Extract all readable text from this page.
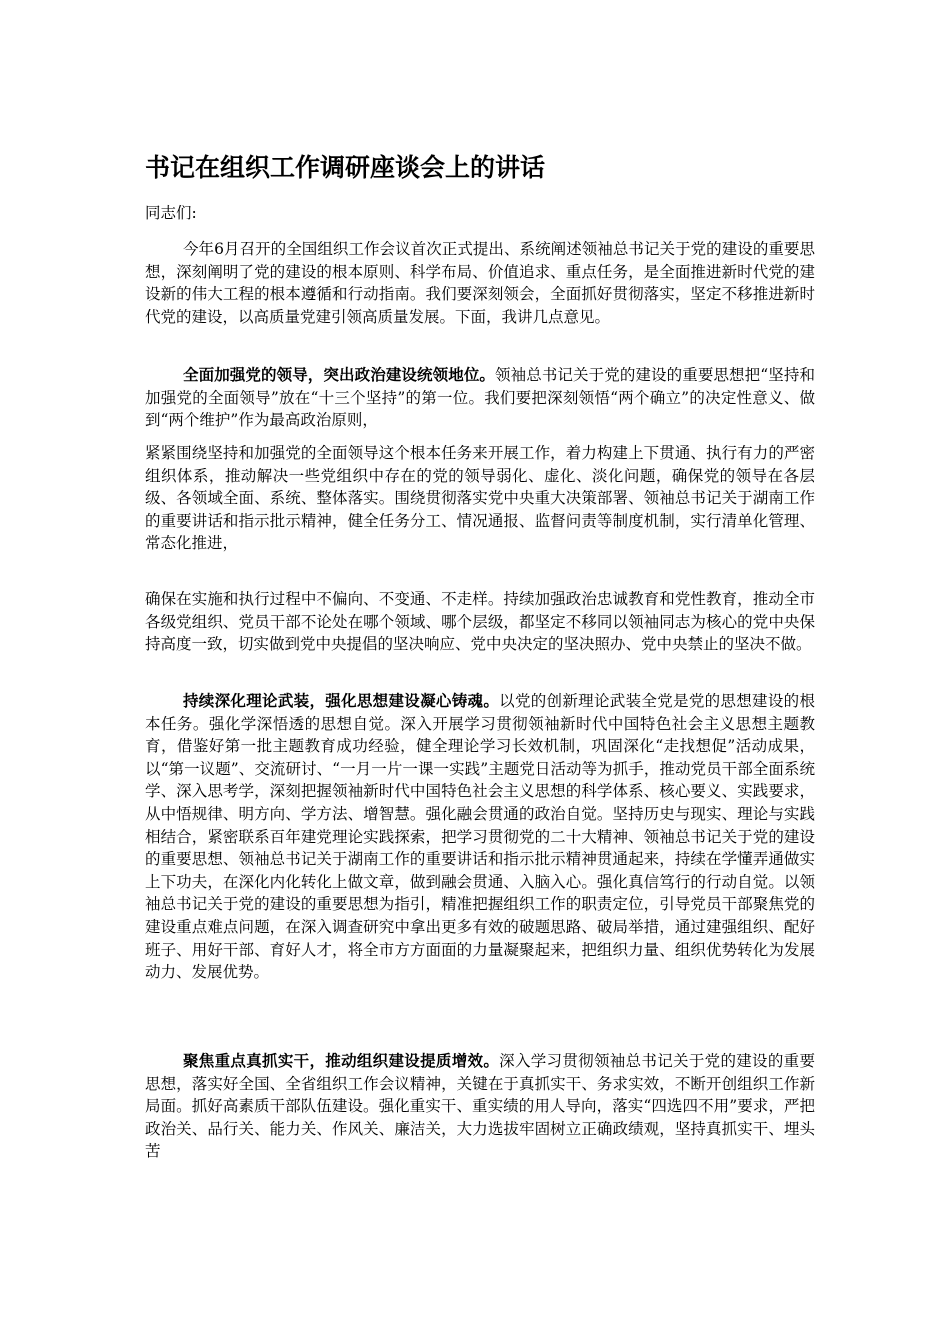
书记在组织工作调研座谈会上的讲话

同志们:

今年6月召开的全国组织工作会议首次正式提出、系统阐述领袖总书记关于党的建设的重要思想，深刻阐明了党的建设的根本原则、科学布局、价值追求、重点任务，是全面推进新时代党的建设新的伟大工程的根本遵循和行动指南。我们要深刻领会，全面抓好贯彻落实，坚定不移推进新时代党的建设，以高质量党建引领高质量发展。下面，我讲几点意见。

全面加强党的领导，突出政治建设统领地位。领袖总书记关于党的建设的重要思想把“坚持和加强党的全面领导”放在“十三个坚持”的第一位。我们要把深刻领悟“两个确立”的决定性意义、做到“两个维护”作为最高政治原则，

紧紧围绕坚持和加强党的全面领导这个根本任务来开展工作，着力构建上下贯通、执行有力的严密组织体系，推动解决一些党组织中存在的党的领导弱化、虚化、淡化问题，确保党的领导在各层级、各领域全面、系统、整体落实。围绕贯彻落实党中央重大决策部署、领袖总书记关于湖南工作的重要讲话和指示批示精神，健全任务分工、情况通报、监督问责等制度机制，实行清单化管理、常态化推进，

确保在实施和执行过程中不偏向、不变通、不走样。持续加强政治忠诚教育和党性教育，推动全市各级党组织、党员干部不论处在哪个领域、哪个层级，都坚定不移同以领袖同志为核心的党中央保持高度一致，切实做到党中央提倡的坚决响应、党中央决定的坚决照办、党中央禁止的坚决不做。

持续深化理论武装，强化思想建设凝心铸魂。以党的创新理论武装全党是党的思想建设的根本任务。强化学深悟透的思想自觉。深入开展学习贯彻领袖新时代中国特色社会主义思想主题教育，借鉴好第一批主题教育成功经验，健全理论学习长效机制，巩固深化“走找想促”活动成果，以“第一议题”、交流研讨、“一月一片一课一实践”主题党日活动等为抓手，推动党员干部全面系统学、深入思考学，深刻把握领袖新时代中国特色社会主义思想的科学体系、核心要义、实践要求，从中悟规律、明方向、学方法、增智慧。强化融会贯通的政治自觉。坚持历史与现实、理论与实践相结合，紧密联系百年建党理论实践探索，把学习贯彻党的二十大精神、领袖总书记关于党的建设的重要思想、领袖总书记关于湖南工作的重要讲话和指示批示精神贯通起来，持续在学懂弄通做实上下功夫，在深化内化转化上做文章，做到融会贯通、入脑入心。强化真信笃行的行动自觉。以领袖总书记关于党的建设的重要思想为指引，精准把握组织工作的职责定位，引导党员干部聚焦党的建设重点难点问题，在深入调查研究中拿出更多有效的破题思路、破局举措，通过建强组织、配好班子、用好干部、育好人才，将全市方方面面的力量凝聚起来，把组织力量、组织优势转化为发展动力、发展优势。

聚焦重点真抓实干，推动组织建设提质增效。深入学习贯彻领袖总书记关于党的建设的重要思想，落实好全国、全省组织工作会议精神，关键在于真抓实干、务求实效，不断开创组织工作新局面。抓好高素质干部队伍建设。强化重实干、重实绩的用人导向，落实“四选四不用”要求，严把政治关、品行关、能力关、作风关、廉洁关，大力选拔牢固树立正确政绩观，坚持真抓实干、埋头苦
